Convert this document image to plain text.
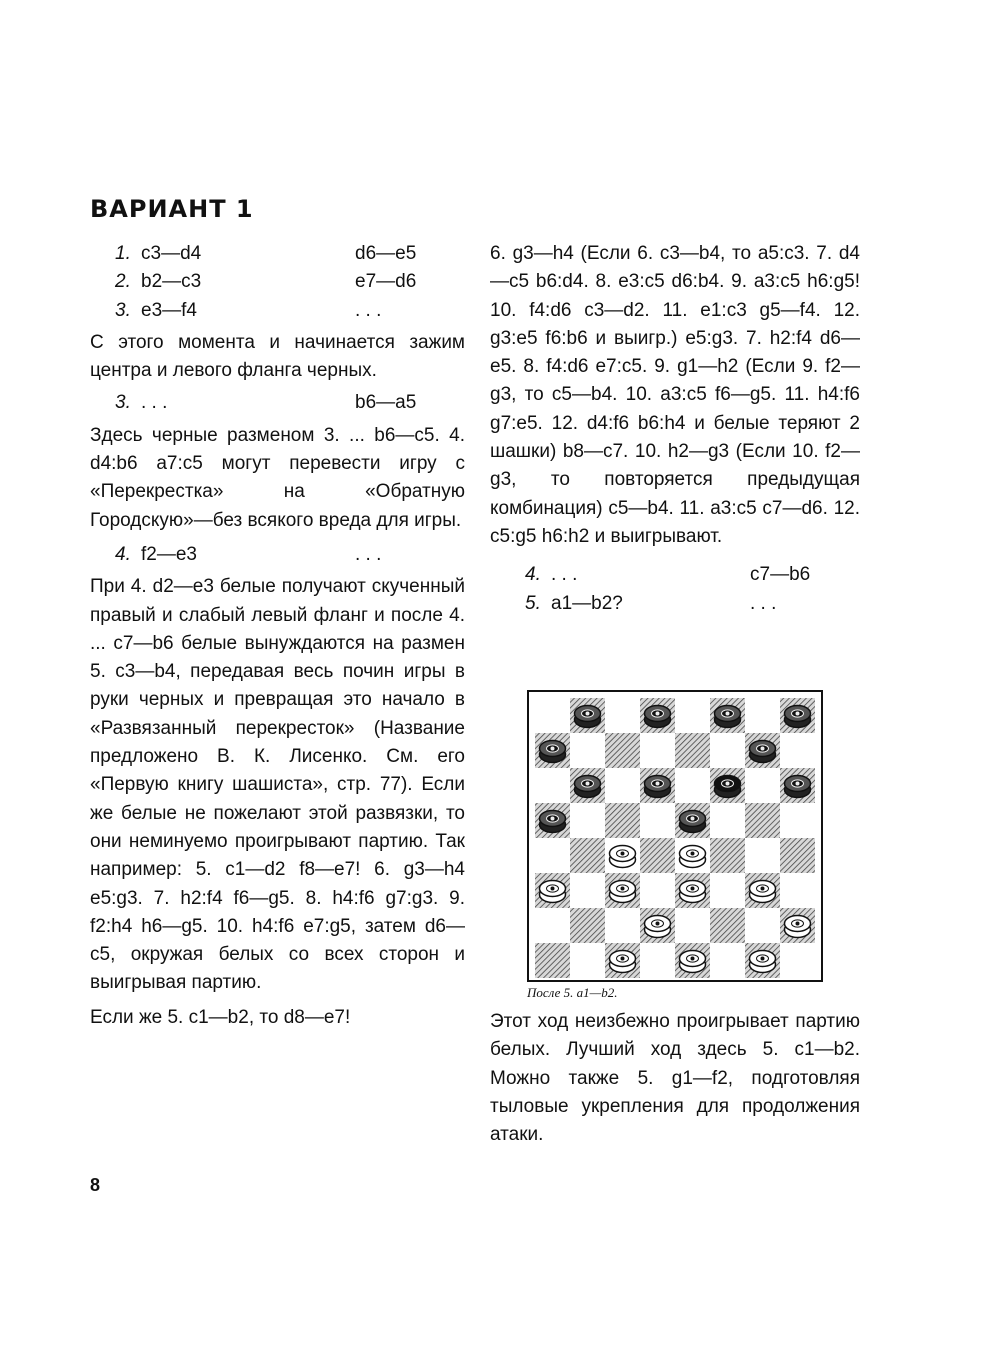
ВАРИАНТ 1
1. c3—d4	d6—e5
2. b2—c3	e7—d6
3. e3—f4	. . .

С этого момента и начинается зажим центра и левого фланга черных.

3. . . .	b6—a5

Здесь черные разменом 3. ... b6—c5. 4. d4:b6 a7:c5 могут перевести игру с «Перекрестка» на «Обратную Городскую»—без всякого вреда для игры.

4. f2—e3	. . .

При 4. d2—e3 белые получают скученный правый и слабый левый фланг и после 4. ... c7—b6 белые вынуждаются на размен 5. c3—b4, передавая весь почин игры в руки черных и превращая это начало в «Развязанный перекресток» (Название предложено В. К. Лисенко. См. его «Первую книгу шашиста», стр. 77). Если же белые не пожелают этой развязки, то они неминуемо проигрывают партию. Так например: 5. c1—d2 f8—e7! 6. g3—h4 e5:g3. 7. h2:f4 f6—g5. 8. h4:f6 g7:g3. 9. f2:h4 h6—g5. 10. h4:f6 e7:g5, затем d6—c5, окружая белых со всех сторон и выигрывая партию.

Если же 5. c1—b2, то d8—e7!

6. g3—h4 (Если 6. c3—b4, то a5:c3. 7. d4—c5 b6:d4. 8. e3:c5 d6:b4. 9. a3:c5 h6:g5! 10. f4:d6 c3—d2. 11. e1:c3 g5—f4. 12. g3:e5 f6:b6 и выигр.) e5:g3. 7. h2:f4 d6—e5. 8. f4:d6 e7:c5. 9. g1—h2 (Если 9. f2—g3, то c5—b4. 10. a3:c5 f6—g5. 11. h4:f6 g7:e5. 12. d4:f6 b6:h4 и белые теряют 2 шашки) b8—c7. 10. h2—g3 (Если 10. f2—g3, то повторяется предыдущая комбинация) c5—b4. 11. a3:c5 c7—d6. 12. c5:g5 h6:h2 и выигрывают.

4. . . .	c7—b6
5. a1—b2?	. . .
После 5. a1—b2.

Этот ход неизбежно проигрывает партию белых. Лучший ход здесь 5. c1—b2. Можно также 5. g1—f2, подготовляя тыловые укрепления для продолжения атаки.

8
